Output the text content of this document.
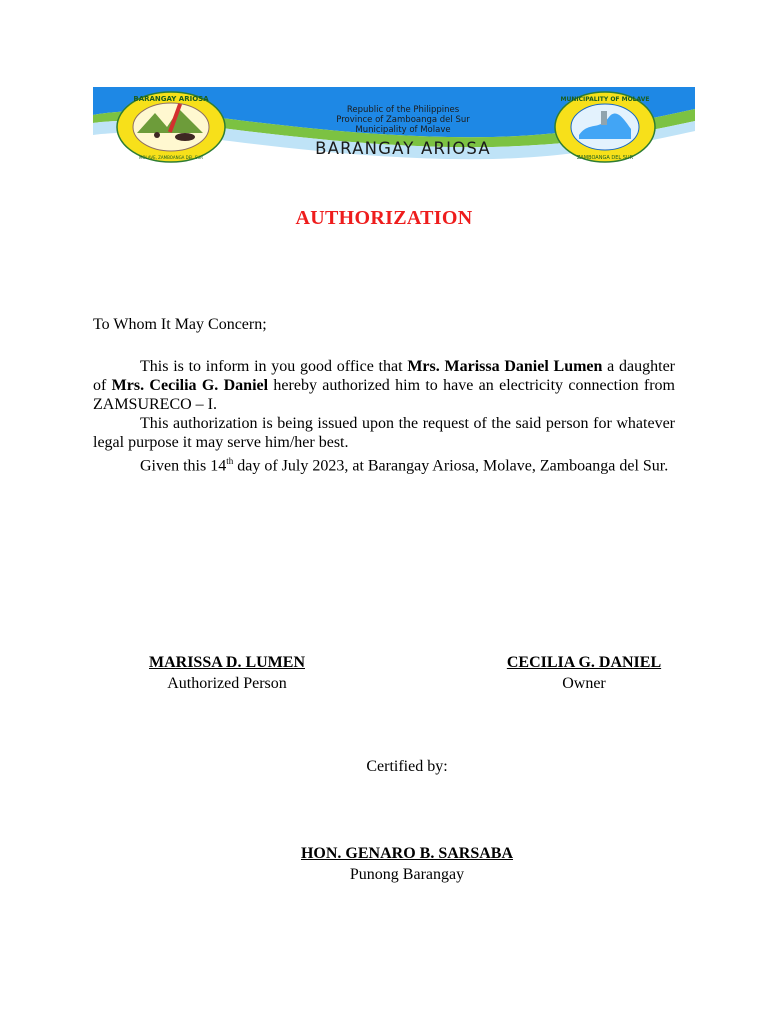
BARANGAY ARIOSA
MOLAVE, ZAMBOANGA DEL SUR
Republic of the Philippines
Province of Zamboanga del Sur
Municipality of Molave
BARANGAY ARIOSA
MUNICIPALITY OF MOLAVE
ZAMBOANGA DEL SUR
AUTHORIZATION
To Whom It May Concern;

This is to inform in you good office that Mrs. Marissa Daniel Lumen a daughter of Mrs. Cecilia G. Daniel hereby authorized him to have an electricity connection from ZAMSURECO – I.

This authorization is being issued upon the request of the said person for whatever legal purpose it may serve him/her best.

Given this 14th day of July 2023, at Barangay Ariosa, Molave, Zamboanga del Sur.

MARISSA D. LUMEN
Authorized Person
CECILIA G. DANIEL
Owner
Certified by:
HON. GENARO B. SARSABA
Punong Barangay
